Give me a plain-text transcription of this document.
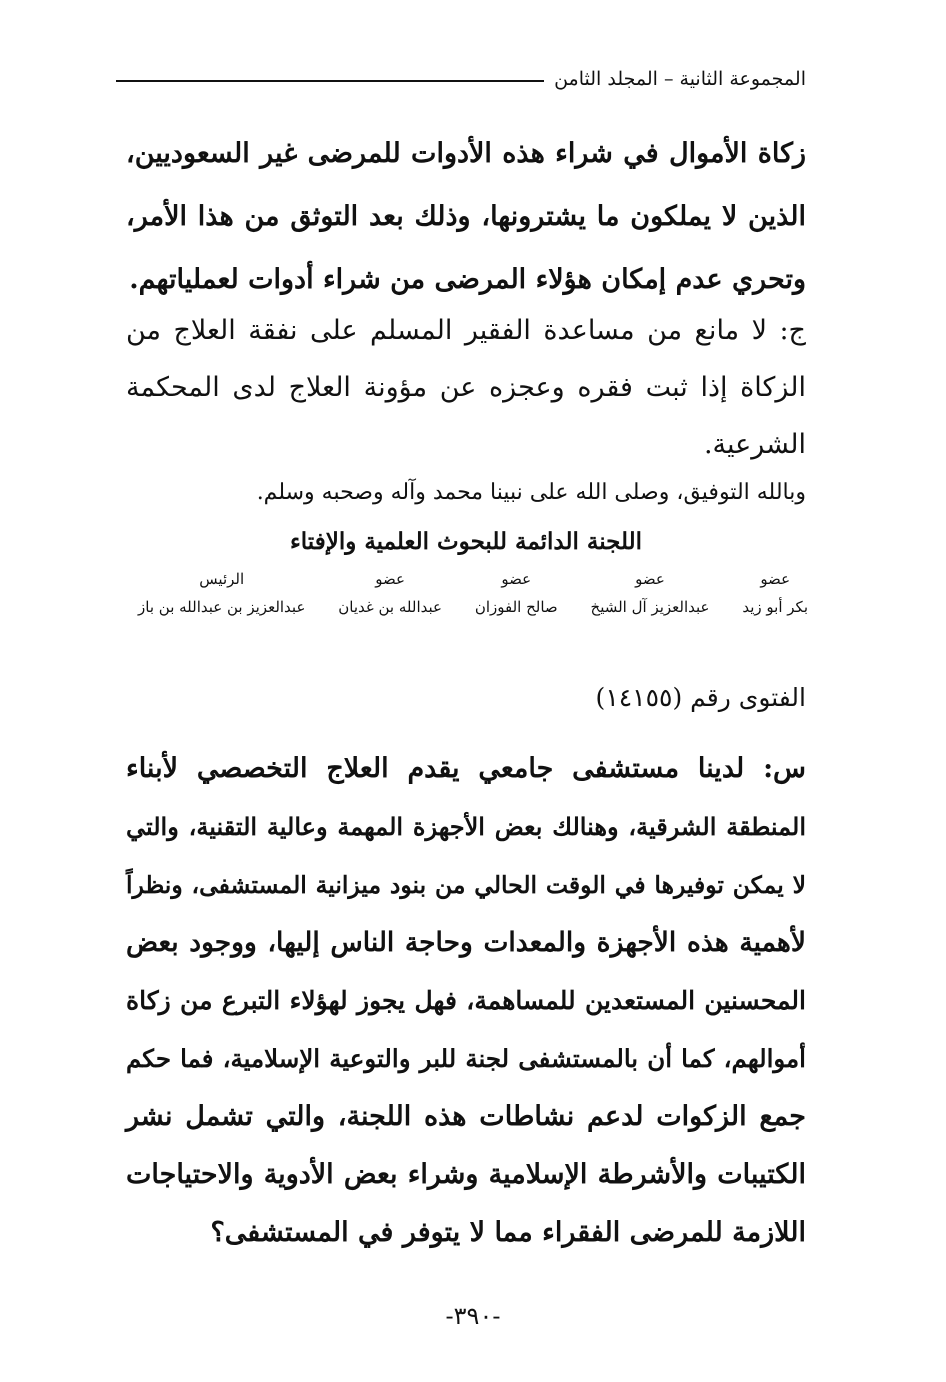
المجموعة الثانية – المجلد الثامن
زكاة الأموال في شراء هذه الأدوات للمرضى غير السعوديين،
الذين لا يملكون ما يشترونها، وذلك بعد التوثق من هذا الأمر،
وتحري عدم إمكان هؤلاء المرضى من شراء أدوات لعملياتهم.
ج: لا مانع من مساعدة الفقير المسلم على نفقة العلاج من
الزكاة إذا ثبت فقره وعجزه عن مؤونة العلاج لدى المحكمة
الشرعية.
وبالله التوفيق، وصلى الله على نبينا محمد وآله وصحبه وسلم.
اللجنة الدائمة للبحوث العلمية والإفتاء
عضو
بكر أبو زيد
عضو
عبدالعزيز آل الشيخ
عضو
صالح الفوزان
عضو
عبدالله بن غديان
الرئيس
عبدالعزيز بن عبدالله بن باز
الفتوى رقم (١٤١٥٥)
س: لدينا مستشفى جامعي يقدم العلاج التخصصي لأبناء
المنطقة الشرقية، وهنالك بعض الأجهزة المهمة وعالية التقنية، والتي
لا يمكن توفيرها في الوقت الحالي من بنود ميزانية المستشفى، ونظراً
لأهمية هذه الأجهزة والمعدات وحاجة الناس إليها، ووجود بعض
المحسنين المستعدين للمساهمة، فهل يجوز لهؤلاء التبرع من زكاة
أموالهم، كما أن بالمستشفى لجنة للبر والتوعية الإسلامية، فما حكم
جمع الزكوات لدعم نشاطات هذه اللجنة، والتي تشمل نشر
الكتيبات والأشرطة الإسلامية وشراء بعض الأدوية والاحتياجات
اللازمة للمرضى الفقراء مما لا يتوفر في المستشفى؟
-٣٩٠-
